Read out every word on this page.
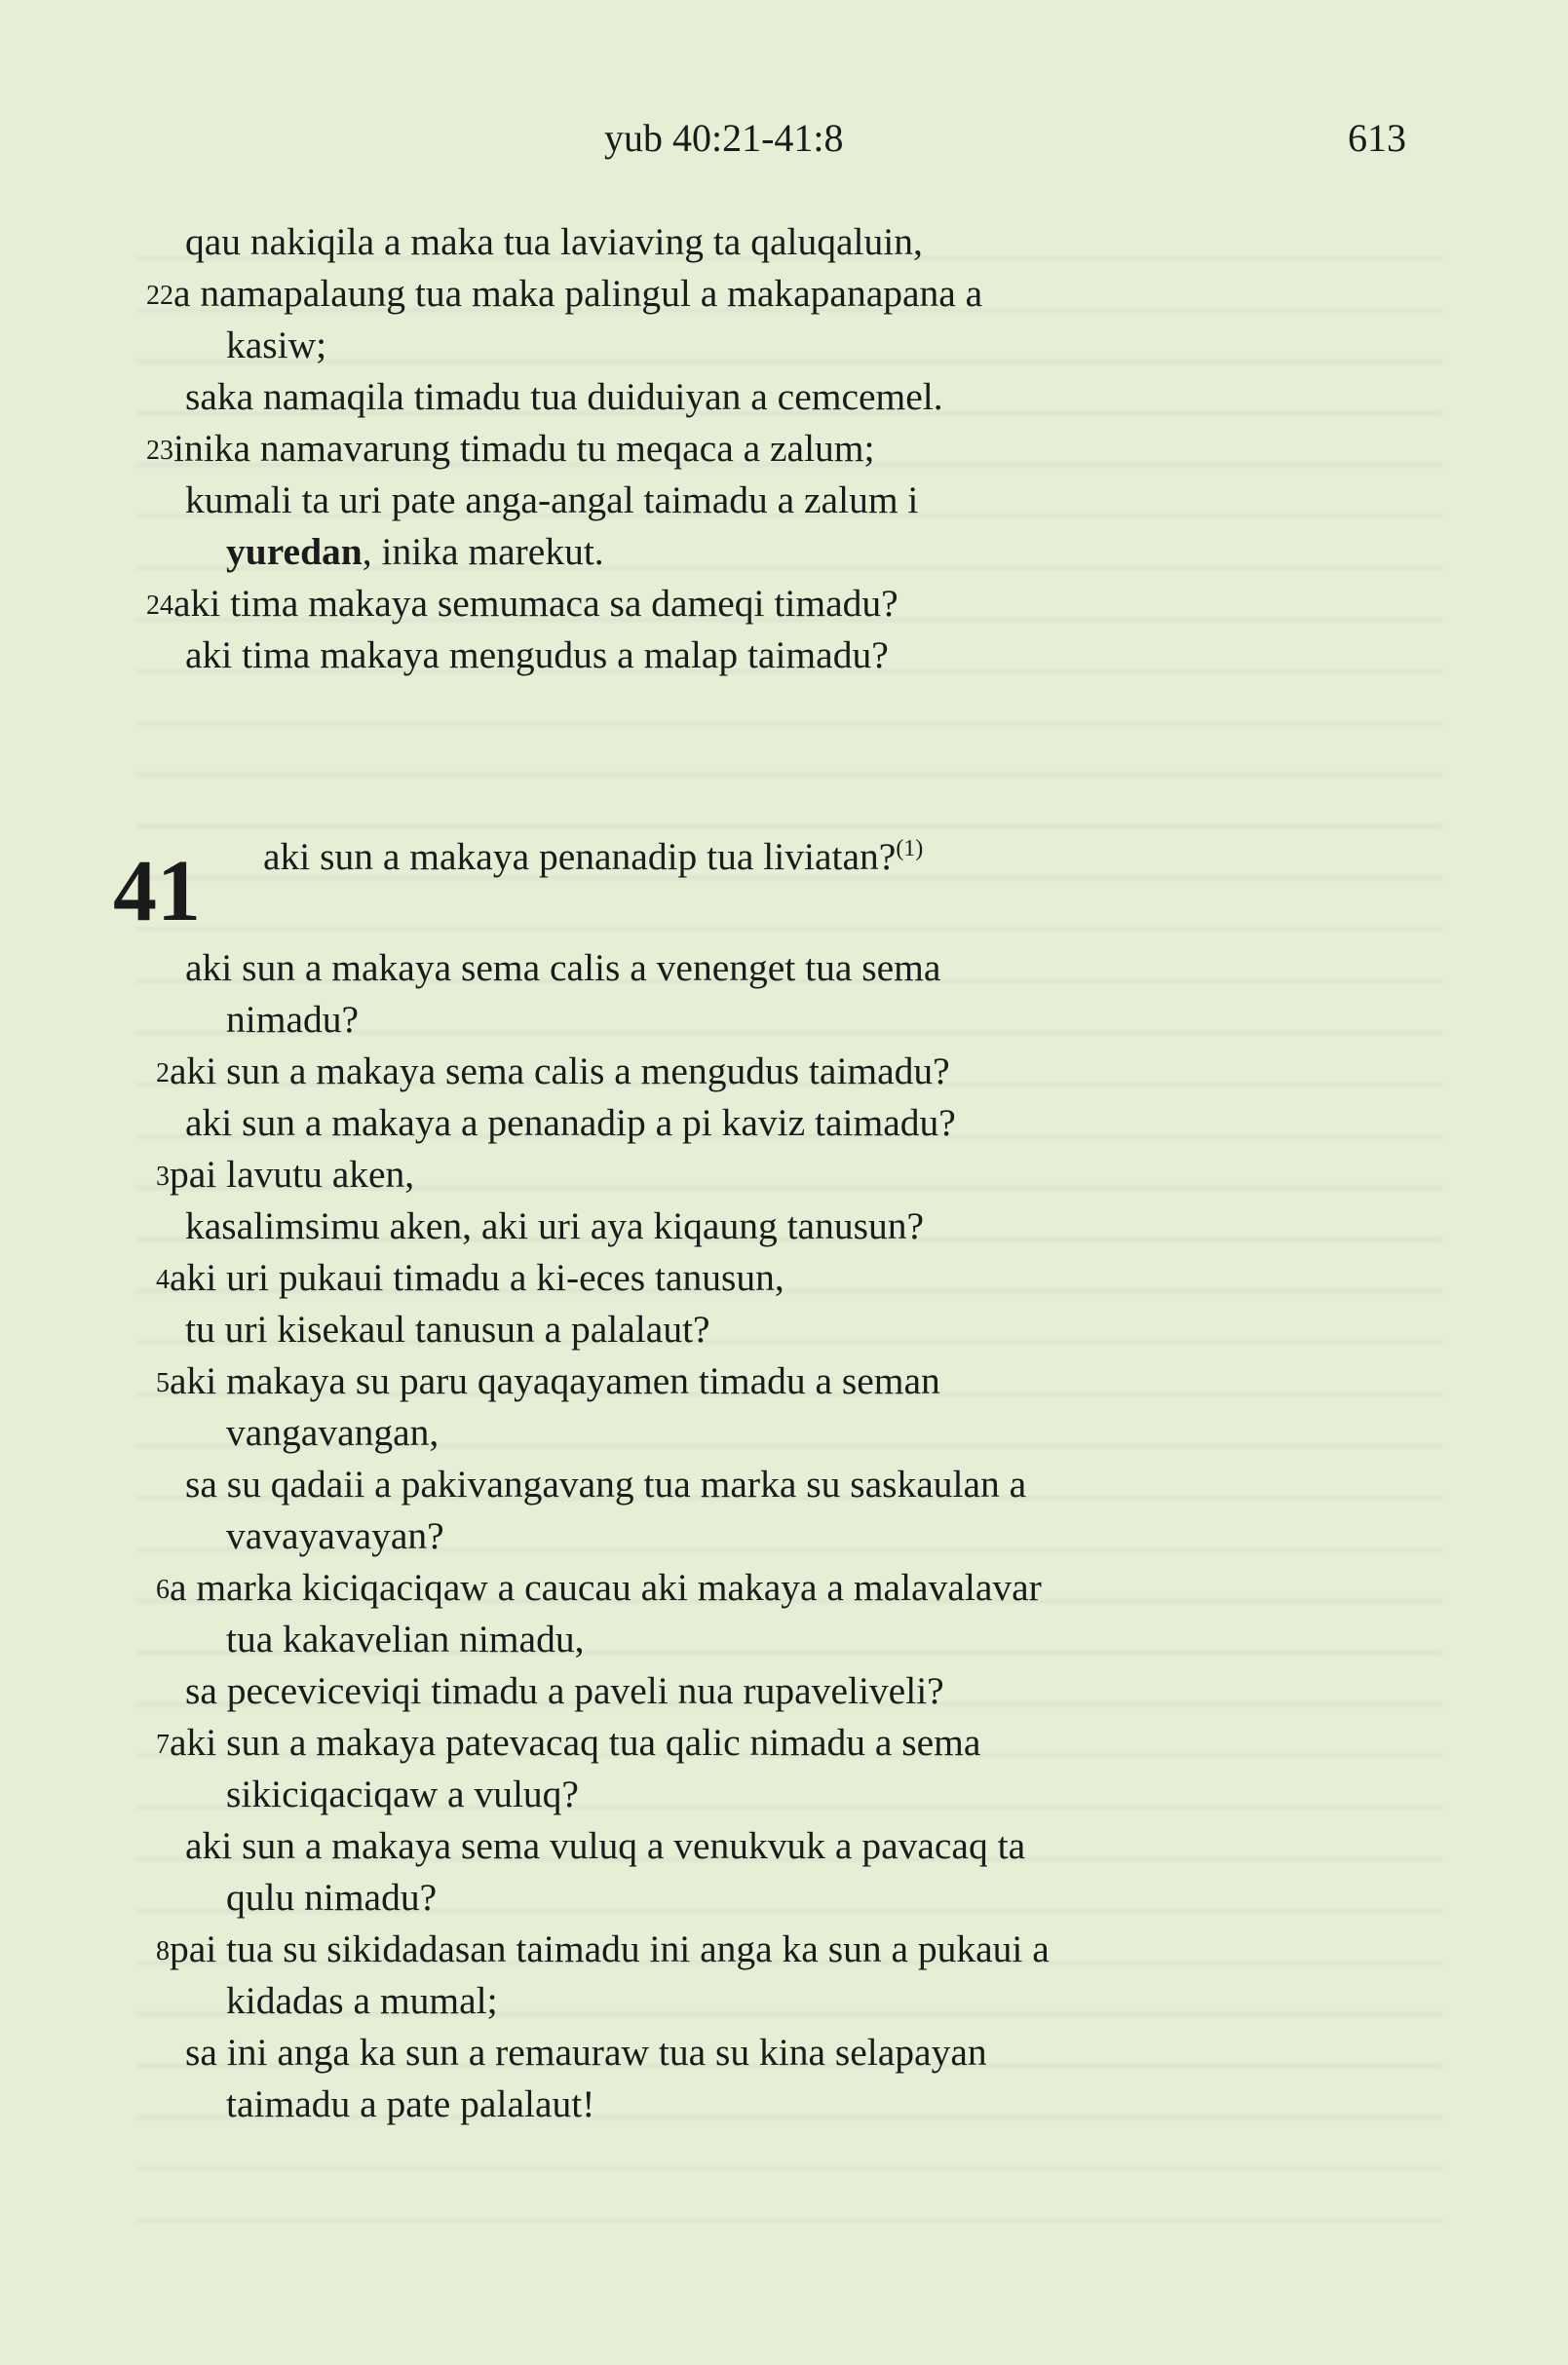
yub 40:21-41:8	613
41
qau nakiqila a maka tua laviaving ta qaluqaluin,
$^{22}$a namapalaung tua maka palingul a makapanapana a
kasiw;
saka namaqila timadu tua duiduiyan a cemcemel.
$^{23}$inika namavarung timadu tu meqaca a zalum;
kumali ta uri pate anga-angal taimadu a zalum i
yuredan, inika marekut.
$^{24}$aki tima makaya semumaca sa dameqi timadu?
aki tima makaya mengudus a malap taimadu?
aki sun a makaya penanadip tua liviatan?$^{(1)}$
aki sun a makaya sema calis a venenget tua sema
nimadu?
$^2$aki sun a makaya sema calis a mengudus taimadu?
aki sun a makaya a penanadip a pi kaviz taimadu?
$^3$pai lavutu aken,
kasalimsimu aken, aki uri aya kiqaung tanusun?
$^4$aki uri pukaui timadu a ki-eces tanusun,
tu uri kisekaul tanusun a palalaut?
$^5$aki makaya su paru qayaqayamen timadu a seman
vangavangan,
sa su qadaii a pakivangavang tua marka su saskaulan a
vavayavayan?
$^6$a marka kiciqaciqaw a caucau aki makaya a malavalavar
tua kakavelian nimadu,
sa peceviceviqi timadu a paveli nua rupaveliveli?
$^7$aki sun a makaya patevacaq tua qalic nimadu a sema
sikiciqaciqaw a vuluq?
aki sun a makaya sema vuluq a venukvuk a pavacaq ta
qulu nimadu?
$^8$pai tua su sikidadasan taimadu ini anga ka sun a pukaui a
kidadas a mumal;
sa ini anga ka sun a remauraw tua su kina selapayan
taimadu a pate palalaut!
